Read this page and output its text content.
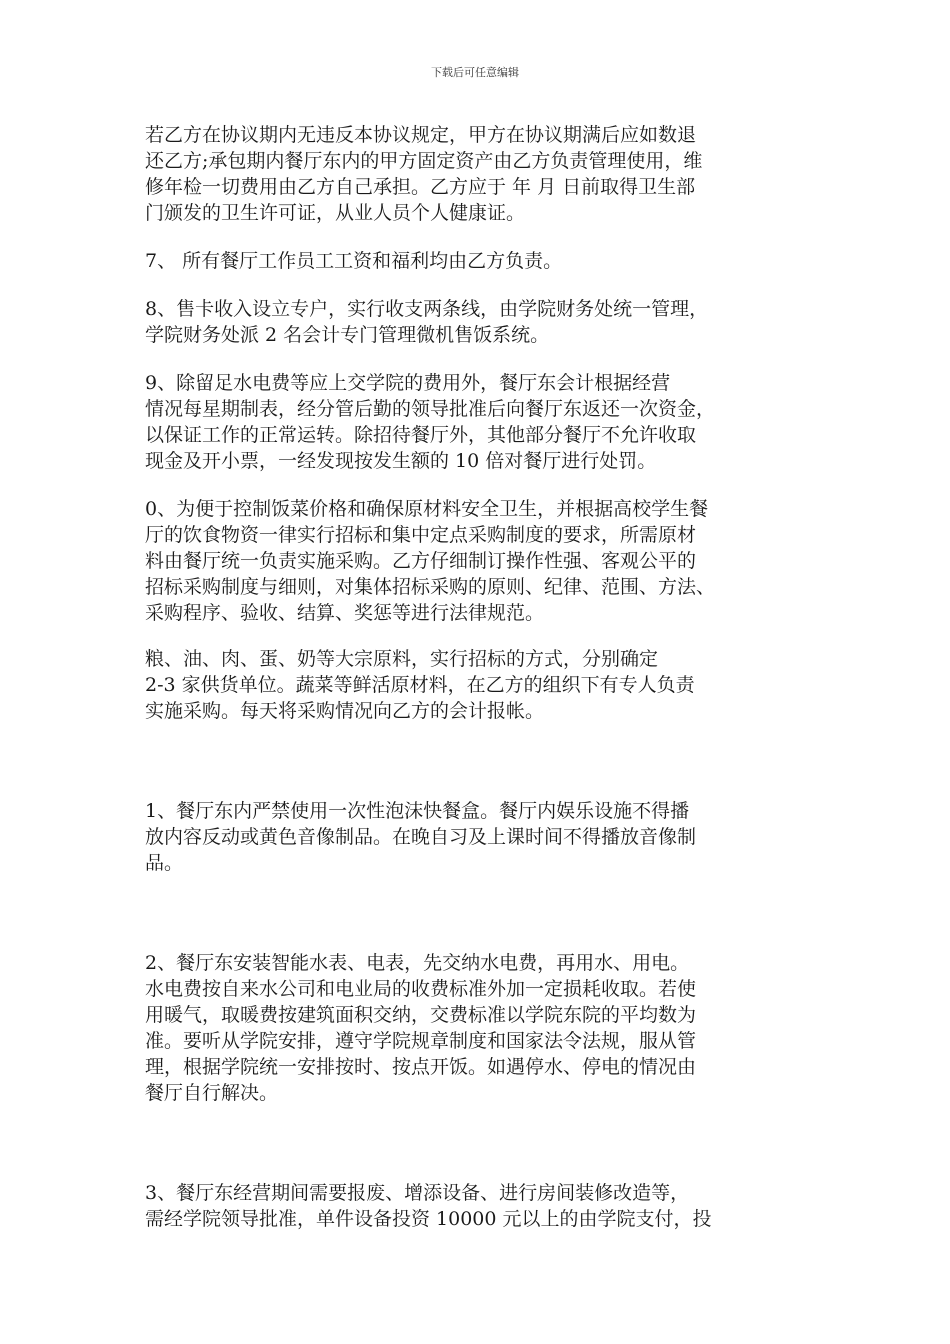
下载后可任意编辑

若乙方在协议期内无违反本协议规定，甲方在协议期满后应如数退
还乙方;承包期内餐厅东内的甲方固定资产由乙方负责管理使用，维
修年检一切费用由乙方自己承担。乙方应于 年 月 日前取得卫生部
门颁发的卫生许可证，从业人员个人健康证。

7、 所有餐厅工作员工工资和福利均由乙方负责。

8、售卡收入设立专户，实行收支两条线，由学院财务处统一管理，
学院财务处派 2 名会计专门管理微机售饭系统。

9、除留足水电费等应上交学院的费用外，餐厅东会计根据经营
情况每星期制表，经分管后勤的领导批准后向餐厅东返还一次资金，
以保证工作的正常运转。除招待餐厅外，其他部分餐厅不允许收取
现金及开小票，一经发现按发生额的 10 倍对餐厅进行处罚。

0、为便于控制饭菜价格和确保原材料安全卫生，并根据高校学生餐
厅的饮食物资一律实行招标和集中定点采购制度的要求，所需原材
料由餐厅统一负责实施采购。乙方仔细制订操作性强、客观公平的
招标采购制度与细则，对集体招标采购的原则、纪律、范围、方法、
采购程序、验收、结算、奖惩等进行法律规范。

粮、油、肉、蛋、奶等大宗原料，实行招标的方式，分别确定
2-3 家供货单位。蔬菜等鲜活原材料，在乙方的组织下有专人负责
实施采购。每天将采购情况向乙方的会计报帐。

1、餐厅东内严禁使用一次性泡沫快餐盒。餐厅内娱乐设施不得播
放内容反动或黄色音像制品。在晚自习及上课时间不得播放音像制
品。

2、餐厅东安装智能水表、电表，先交纳水电费，再用水、用电。
水电费按自来水公司和电业局的收费标准外加一定损耗收取。若使
用暖气，取暖费按建筑面积交纳，交费标准以学院东院的平均数为
准。要听从学院安排，遵守学院规章制度和国家法令法规，服从管
理，根据学院统一安排按时、按点开饭。如遇停水、停电的情况由
餐厅自行解决。

3、餐厅东经营期间需要报废、增添设备、进行房间装修改造等，
需经学院领导批准，单件设备投资 10000 元以上的由学院支付，投
